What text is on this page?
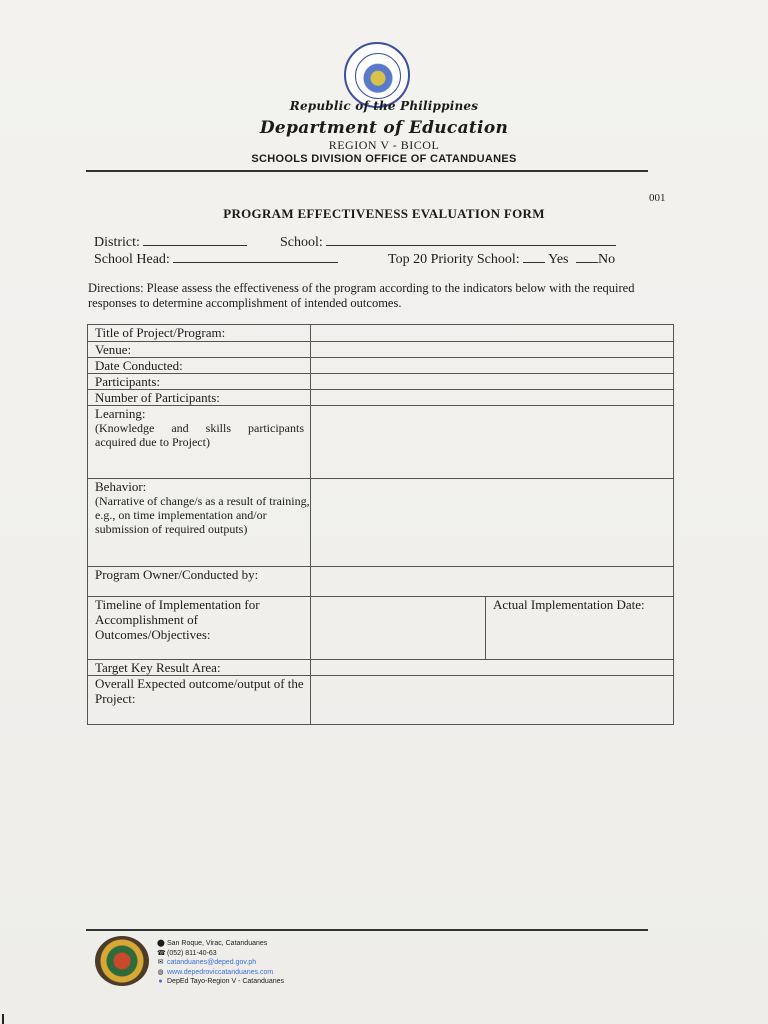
Republic of the Philippines
Department of Education
REGION V - BICOL
SCHOOLS DIVISION OFFICE OF CATANDUANES
001
PROGRAM EFFECTIVENESS EVALUATION FORM
District:	School:
School Head:	Top 20 Priority School: Yes No
Directions: Please assess the effectiveness of the program according to the indicators below with the required responses to determine accomplishment of intended outcomes.
Title of Project/Program:		
Venue:		
Date Conducted:		
Participants:		
Number of Participants:		
Learning:
(Knowledge and skills participants acquired due to Project)		

Behavior:
(Narrative of change/s as a result of training, e.g., on time implementation and/or submission of required outputs)		

Program Owner/Conducted by:		
Timeline of Implementation for Accomplishment of Outcomes/Objectives:		Actual Implementation Date:
Target Key Result Area:		
Overall Expected outcome/output of the Project:		
⬤ San Roque, Virac, Catanduanes
☎ (052) 811-40-63
✉ catanduanes@deped.gov.ph
◍ www.depedroviccatanduanes.com
● DepEd Tayo-Region V - Catanduanes
